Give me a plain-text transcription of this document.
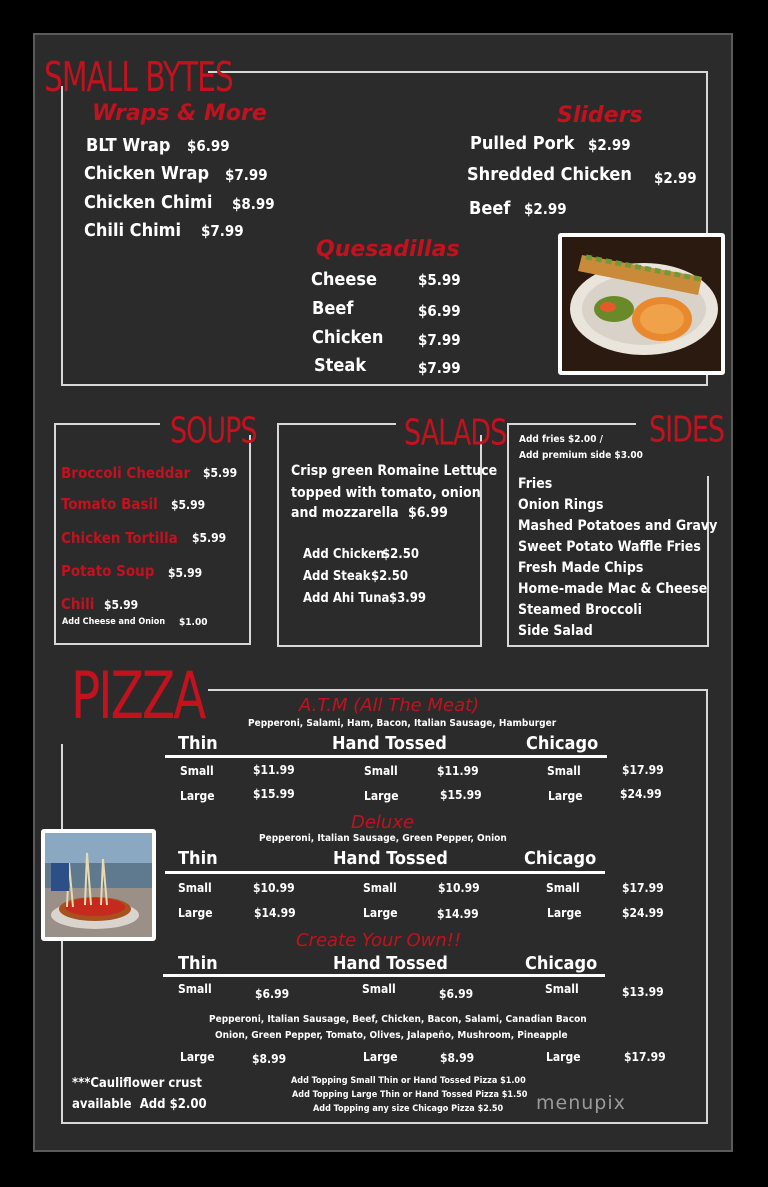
SMALL BYTES
Wraps & More
BLT Wrap $6.99
Chicken Wrap $7.99
Chicken Chimi $8.99
Chili Chimi $7.99
Sliders
Pulled Pork $2.99
Shredded Chicken $2.99
Beef $2.99
Quesadillas
Cheese	$5.99
Beef	$6.99
Chicken $7.99
Steak	$7.99
SOUPS
Broccoli Cheddar $5.99
Tomato Basil $5.99
Chicken Tortilla $5.99
Potato Soup $5.99
Chili $5.99
Add Cheese and Onion $1.00
SALADS
Crisp green Romaine Lettuce
topped with tomato, onion
and mozzarella $6.99
Add Chicken
$2.50
Add Steak $2.50
Add Ahi Tuna $3.99
SIDES
Add fries $2.00 /
Add premium side $3.00
Fries
Onion Rings
Mashed Potatoes and Gravy
Sweet Potato Waffle Fries
Fresh Made Chips
Home-made Mac & Cheese
Steamed Broccoli
Side Salad
PIZZA	A.T.M (All The Meat)
Pepperoni, Salami, Ham, Bacon, Italian Sausage, Hamburger
Thin	Hand Tossed	Chicago
Small	$11.99	Small	$11.99	Small	$17.99
Large	$15.99	Large	$15.99	Large	$24.99
Deluxe
Pepperoni, Italian Sausage, Green Pepper, Onion
Thin	Hand Tossed	Chicago
Small	$10.99	Small	$10.99	Small	$17.99
Large	$14.99	Large	$14.99	Large	$24.99
Create Your Own!!
Thin	Hand Tossed	Chicago
Small	$6.99	Small	$6.99	Small	$13.99
Pepperoni, Italian Sausage, Beef, Chicken, Bacon, Salami, Canadian Bacon
Onion, Green Pepper, Tomato, Olives, Jalapeño, Mushroom, Pineapple
Large	$8.99	Large	$8.99	Large	$17.99
***Cauliflower crust
available  Add $2.00
Add Topping Small Thin or Hand Tossed Pizza $1.00
Add Topping Large Thin or Hand Tossed Pizza $1.50
Add Topping any size Chicago Pizza $2.50 menupix
